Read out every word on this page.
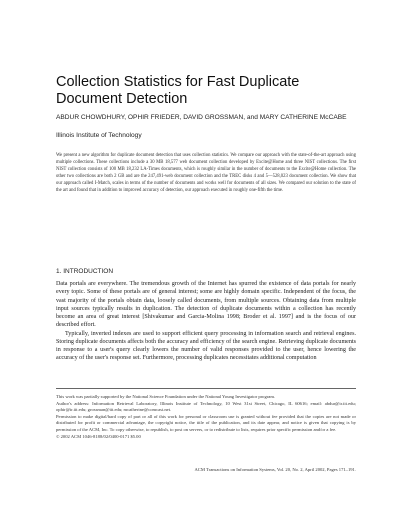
Collection Statistics for Fast Duplicate Document Detection
ABDUR CHOWDHURY, OPHIR FRIEDER, DAVID GROSSMAN, and MARY CATHERINE McCABE
Illinois Institute of Technology

We present a new algorithm for duplicate document detection that uses collection statistics. We compare our approach with the state-of-the-art approach using multiple collections. These collections include a 30 MB 18,577 web document collection developed by Excite@Home and three NIST collections. The first NIST collection consists of 100 MB 18,232 LA-Times documents, which is roughly similar in the number of documents to the Excite@Home collection. The other two collections are both 2 GB and are the 247,491-web document collection and the TREC disks 4 and 5—528,023 document collection. We show that our approach called I-Match, scales in terms of the number of documents and works well for documents of all sizes. We compared our solution to the state of the art and found that in addition to improved accuracy of detection, our approach executed in roughly one-fifth the time.

1. INTRODUCTION

Data portals are everywhere. The tremendous growth of the Internet has spurred the existence of data portals for nearly every topic. Some of these portals are of general interest; some are highly domain specific. Independent of the focus, the vast majority of the portals obtain data, loosely called documents, from multiple sources. Obtaining data from multiple input sources typically results in duplication. The detection of duplicate documents within a collection has recently become an area of great interest [Shivakumar and Garcia-Molina 1998; Broder et al. 1997] and is the focus of our described effort.

Typically, inverted indexes are used to support efficient query processing in information search and retrieval engines. Storing duplicate documents affects both the accuracy and efficiency of the search engine. Retrieving duplicate documents in response to a user's query clearly lowers the number of valid responses provided to the user, hence lowering the accuracy of the user's response set. Furthermore, processing duplicates necessitates additional computation

This work was partially supported by the National Science Foundation under the National Young Investigator program.

Author's address: Information Retrieval Laboratory, Illinois Institute of Technology, 10 West 31st Street, Chicago, IL 60616; email: abdur@ir.iit.edu; ophir@ir.iit.edu; grossman@iit.edu; mcatherine@comcast.net.

Permission to make digital/hard copy of part or all of this work for personal or classroom use is granted without fee provided that the copies are not made or distributed for profit or commercial advantage, the copyright notice, the title of the publication, and its date appear, and notice is given that copying is by permission of the ACM, Inc. To copy otherwise, to republish, to post on servers, or to redistribute to lists, requires prior specific permission and/or a fee.

© 2002 ACM 1046-8188/02/0400-0171 $5.00

ACM Transactions on Information Systems, Vol. 20, No. 2, April 2002, Pages 171–191.
